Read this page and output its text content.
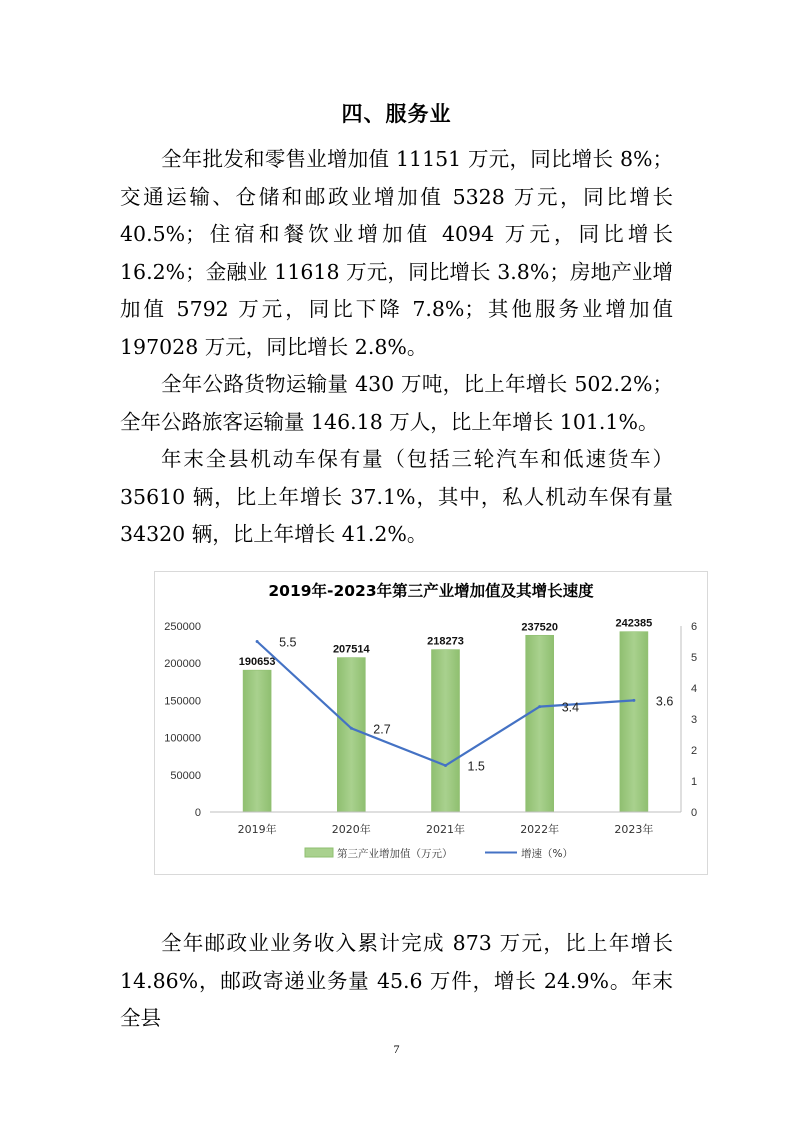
四、服务业
全年批发和零售业增加值 11151 万元，同比增长 8%；交通运输、仓储和邮政业增加值 5328 万元，同比增长 40.5%；住宿和餐饮业增加值 4094 万元，同比增长 16.2%；金融业 11618 万元，同比增长 3.8%；房地产业增加值 5792 万元，同比下降 7.8%；其他服务业增加值 197028 万元，同比增长 2.8%。
全年公路货物运输量 430 万吨，比上年增长 502.2%；全年公路旅客运输量 146.18 万人，比上年增长 101.1%。
年末全县机动车保有量（包括三轮汽车和低速货车）35610 辆，比上年增长 37.1%，其中，私人机动车保有量 34320 辆，比上年增长 41.2%。
2019年-2023年第三产业增加值及其增长速度
190653
207514
218273
237520	242385
0
50000
100000
150000
200000
250000
0
1
2
3
4
5
6
2019年	2020年	2021年	2022年	2023年
5.5
2.7
1.5
3.4	3.6
第三产业增加值（万元）	增速（%）
全年邮政业业务收入累计完成 873 万元，比上年增长 14.86%，邮政寄递业务量 45.6 万件，增长 24.9%。年末全县
7
